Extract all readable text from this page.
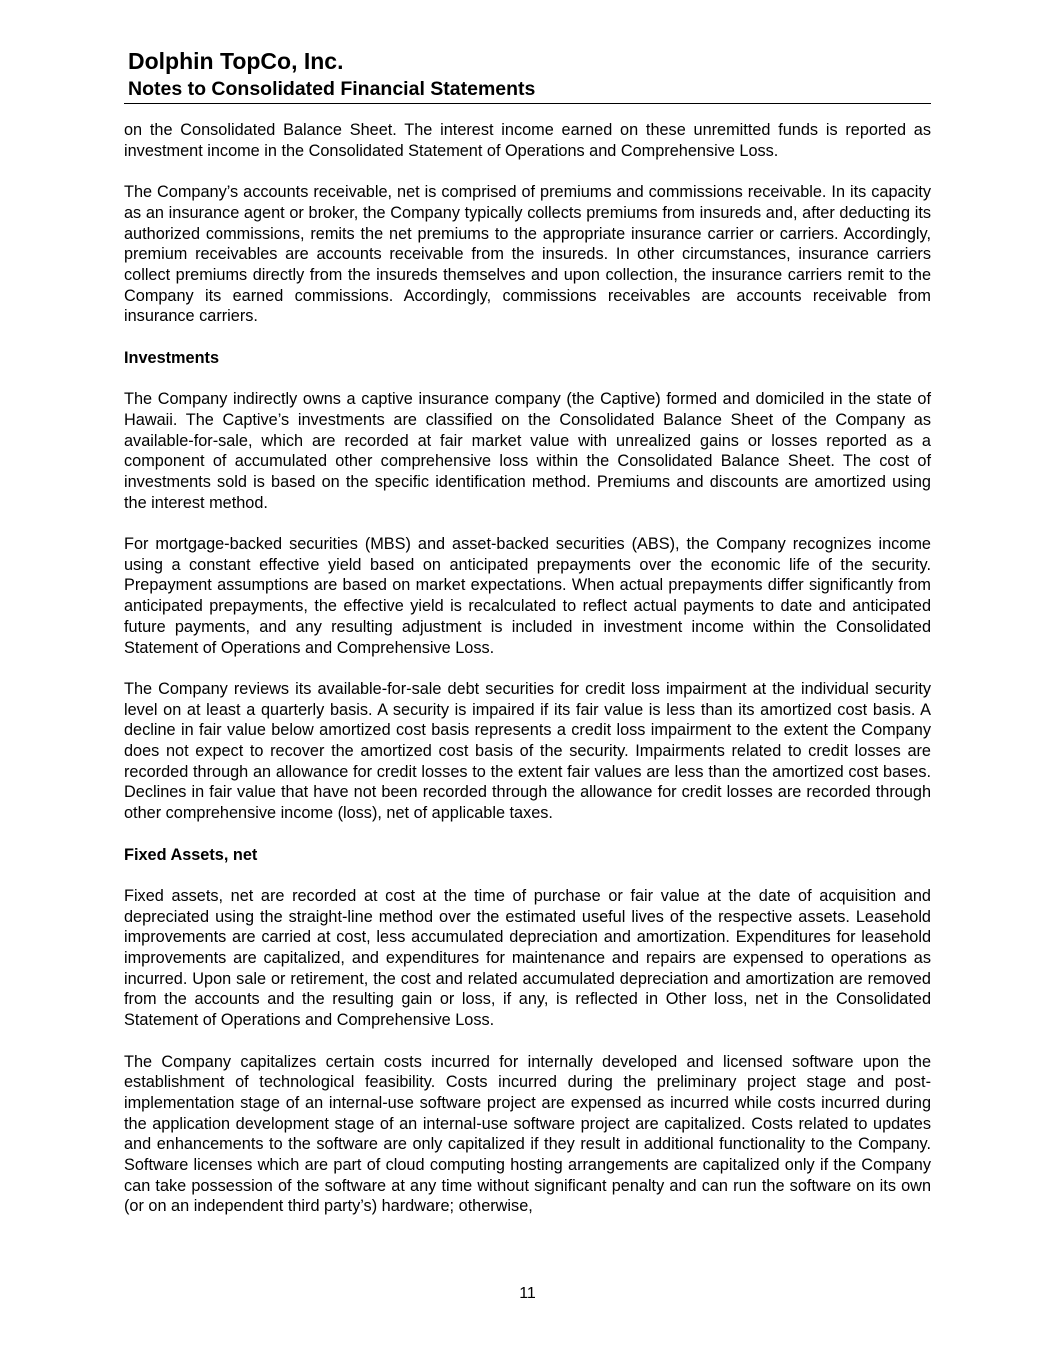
Dolphin TopCo, Inc.
Notes to Consolidated Financial Statements

on the Consolidated Balance Sheet. The interest income earned on these unremitted funds is reported as investment income in the Consolidated Statement of Operations and Comprehensive Loss.

The Company’s accounts receivable, net is comprised of premiums and commissions receivable. In its capacity as an insurance agent or broker, the Company typically collects premiums from insureds and, after deducting its authorized commissions, remits the net premiums to the appropriate insurance carrier or carriers. Accordingly, premium receivables are accounts receivable from the insureds. In other circumstances, insurance carriers collect premiums directly from the insureds themselves and upon collection, the insurance carriers remit to the Company its earned commissions. Accordingly, commissions receivables are accounts receivable from insurance carriers.

Investments

The Company indirectly owns a captive insurance company (the Captive) formed and domiciled in the state of Hawaii. The Captive’s investments are classified on the Consolidated Balance Sheet of the Company as available-for-sale, which are recorded at fair market value with unrealized gains or losses reported as a component of accumulated other comprehensive loss within the Consolidated Balance Sheet. The cost of investments sold is based on the specific identification method. Premiums and discounts are amortized using the interest method.

For mortgage-backed securities (MBS) and asset-backed securities (ABS), the Company recognizes income using a constant effective yield based on anticipated prepayments over the economic life of the security. Prepayment assumptions are based on market expectations. When actual prepayments differ significantly from anticipated prepayments, the effective yield is recalculated to reflect actual payments to date and anticipated future payments, and any resulting adjustment is included in investment income within the Consolidated Statement of Operations and Comprehensive Loss.

The Company reviews its available-for-sale debt securities for credit loss impairment at the individual security level on at least a quarterly basis. A security is impaired if its fair value is less than its amortized cost basis. A decline in fair value below amortized cost basis represents a credit loss impairment to the extent the Company does not expect to recover the amortized cost basis of the security. Impairments related to credit losses are recorded through an allowance for credit losses to the extent fair values are less than the amortized cost bases. Declines in fair value that have not been recorded through the allowance for credit losses are recorded through other comprehensive income (loss), net of applicable taxes.

Fixed Assets, net

Fixed assets, net are recorded at cost at the time of purchase or fair value at the date of acquisition and depreciated using the straight-line method over the estimated useful lives of the respective assets. Leasehold improvements are carried at cost, less accumulated depreciation and amortization. Expenditures for leasehold improvements are capitalized, and expenditures for maintenance and repairs are expensed to operations as incurred. Upon sale or retirement, the cost and related accumulated depreciation and amortization are removed from the accounts and the resulting gain or loss, if any, is reflected in Other loss, net in the Consolidated Statement of Operations and Comprehensive Loss.

The Company capitalizes certain costs incurred for internally developed and licensed software upon the establishment of technological feasibility. Costs incurred during the preliminary project stage and post-implementation stage of an internal-use software project are expensed as incurred while costs incurred during the application development stage of an internal-use software project are capitalized. Costs related to updates and enhancements to the software are only capitalized if they result in additional functionality to the Company. Software licenses which are part of cloud computing hosting arrangements are capitalized only if the Company can take possession of the software at any time without significant penalty and can run the software on its own (or on an independent third party’s) hardware; otherwise,

11
